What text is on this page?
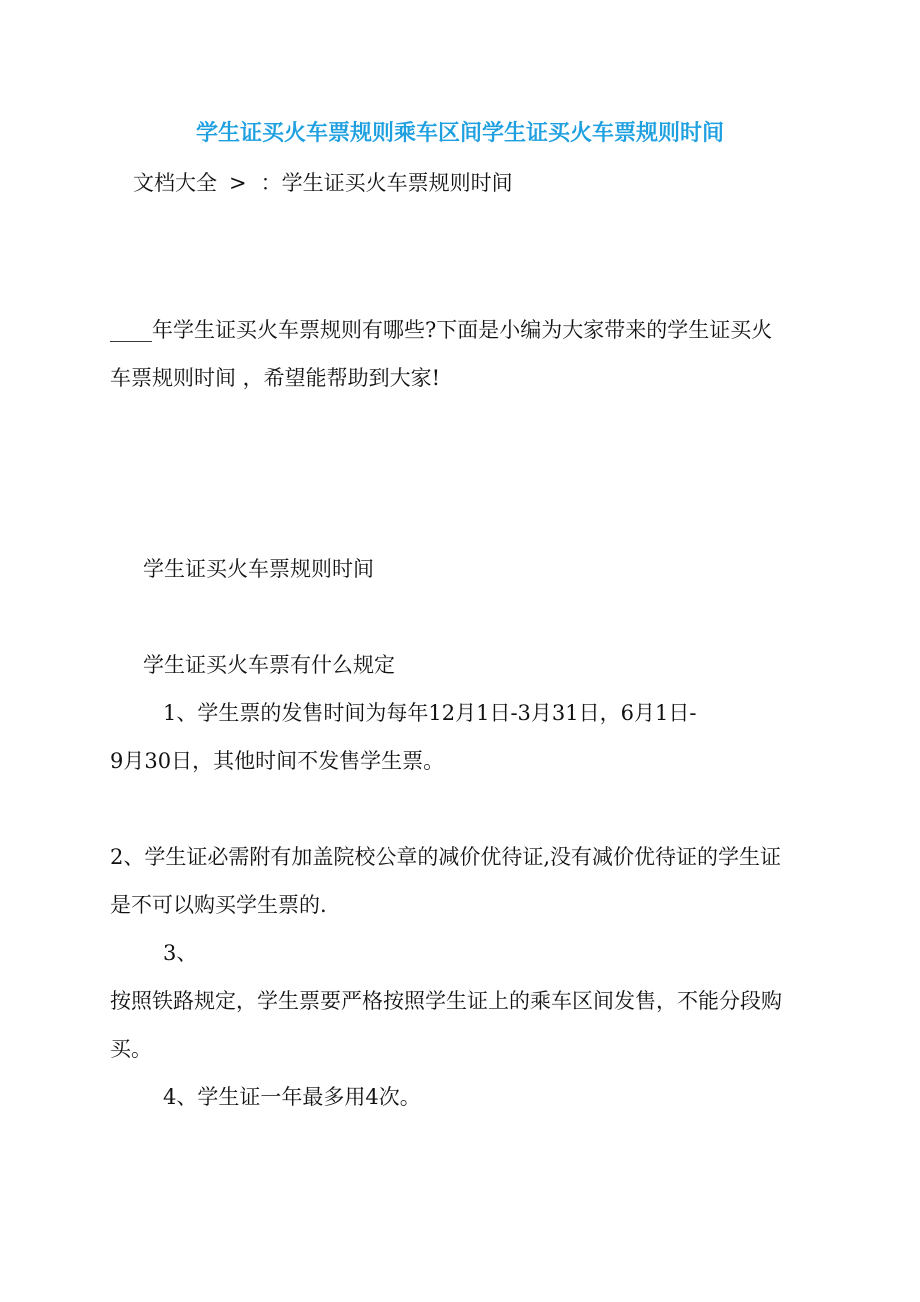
学生证买火车票规则乘车区间学生证买火车票规则时间
文档大全 > ：学生证买火车票规则时间

____年学生证买火车票规则有哪些?下面是小编为大家带来的学生证买火

车票规则时间 ，希望能帮助到大家!

学生证买火车票规则时间

学生证买火车票有什么规定

1、学生票的发售时间为每年12月1日-3月31日，6月1日-

9月30日，其他时间不发售学生票。

2、学生证必需附有加盖院校公章的减价优待证,没有减价优待证的学生证

是不可以购买学生票的.

3、

按照铁路规定，学生票要严格按照学生证上的乘车区间发售，不能分段购

买。

4、学生证一年最多用4次。
